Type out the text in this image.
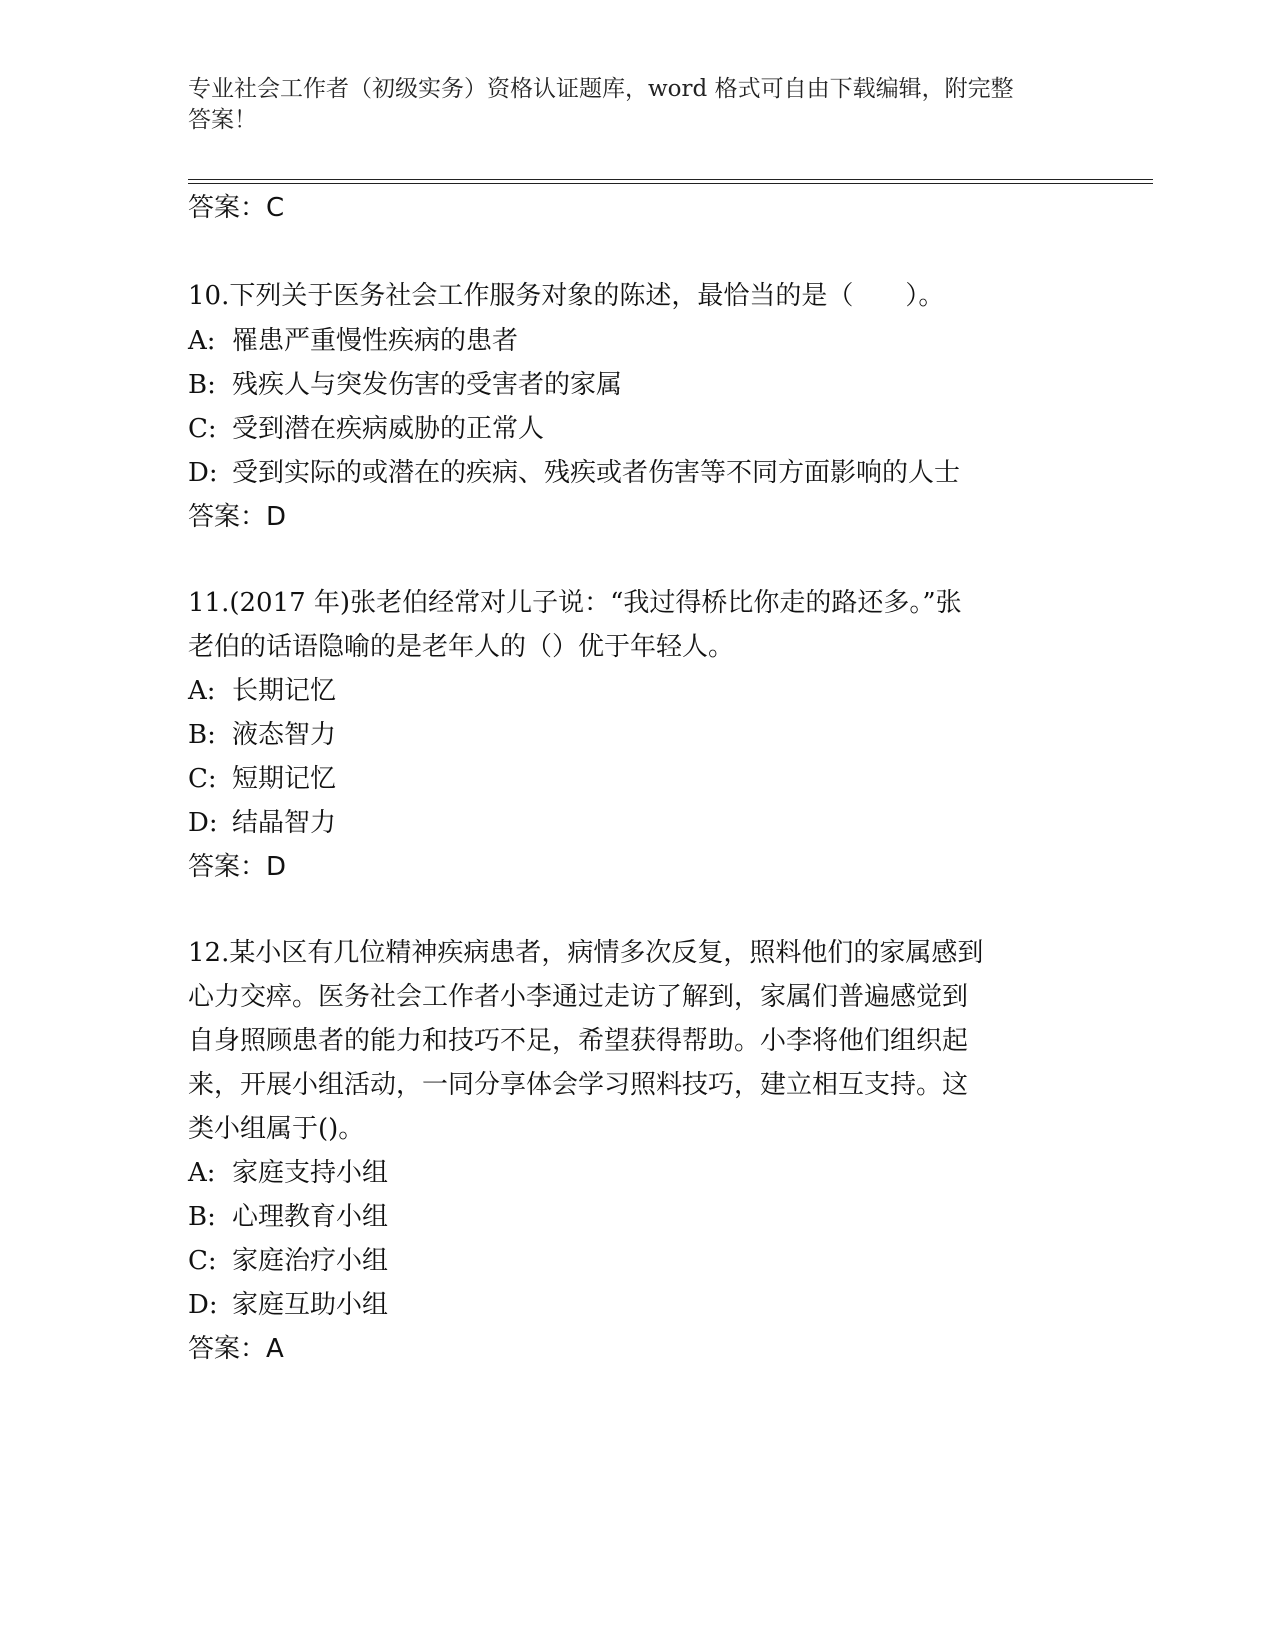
专业社会工作者（初级实务）资格认证题库，word 格式可自由下载编辑，附完整
答案！
答案：C
10.下列关于医务社会工作服务对象的陈述，最恰当的是（　　）。
A: 罹患严重慢性疾病的患者
B: 残疾人与突发伤害的受害者的家属
C: 受到潜在疾病威胁的正常人
D: 受到实际的或潜在的疾病、残疾或者伤害等不同方面影响的人士
答案：D
11.(2017 年)张老伯经常对儿子说：“我过得桥比你走的路还多。”张
老伯的话语隐喻的是老年人的（）优于年轻人。
A: 长期记忆
B: 液态智力
C: 短期记忆
D: 结晶智力
答案：D
12.某小区有几位精神疾病患者，病情多次反复，照料他们的家属感到
心力交瘁。医务社会工作者小李通过走访了解到，家属们普遍感觉到
自身照顾患者的能力和技巧不足，希望获得帮助。小李将他们组织起
来，开展小组活动，一同分享体会学习照料技巧，建立相互支持。这
类小组属于()。
A: 家庭支持小组
B: 心理教育小组
C: 家庭治疗小组
D: 家庭互助小组
答案：A
